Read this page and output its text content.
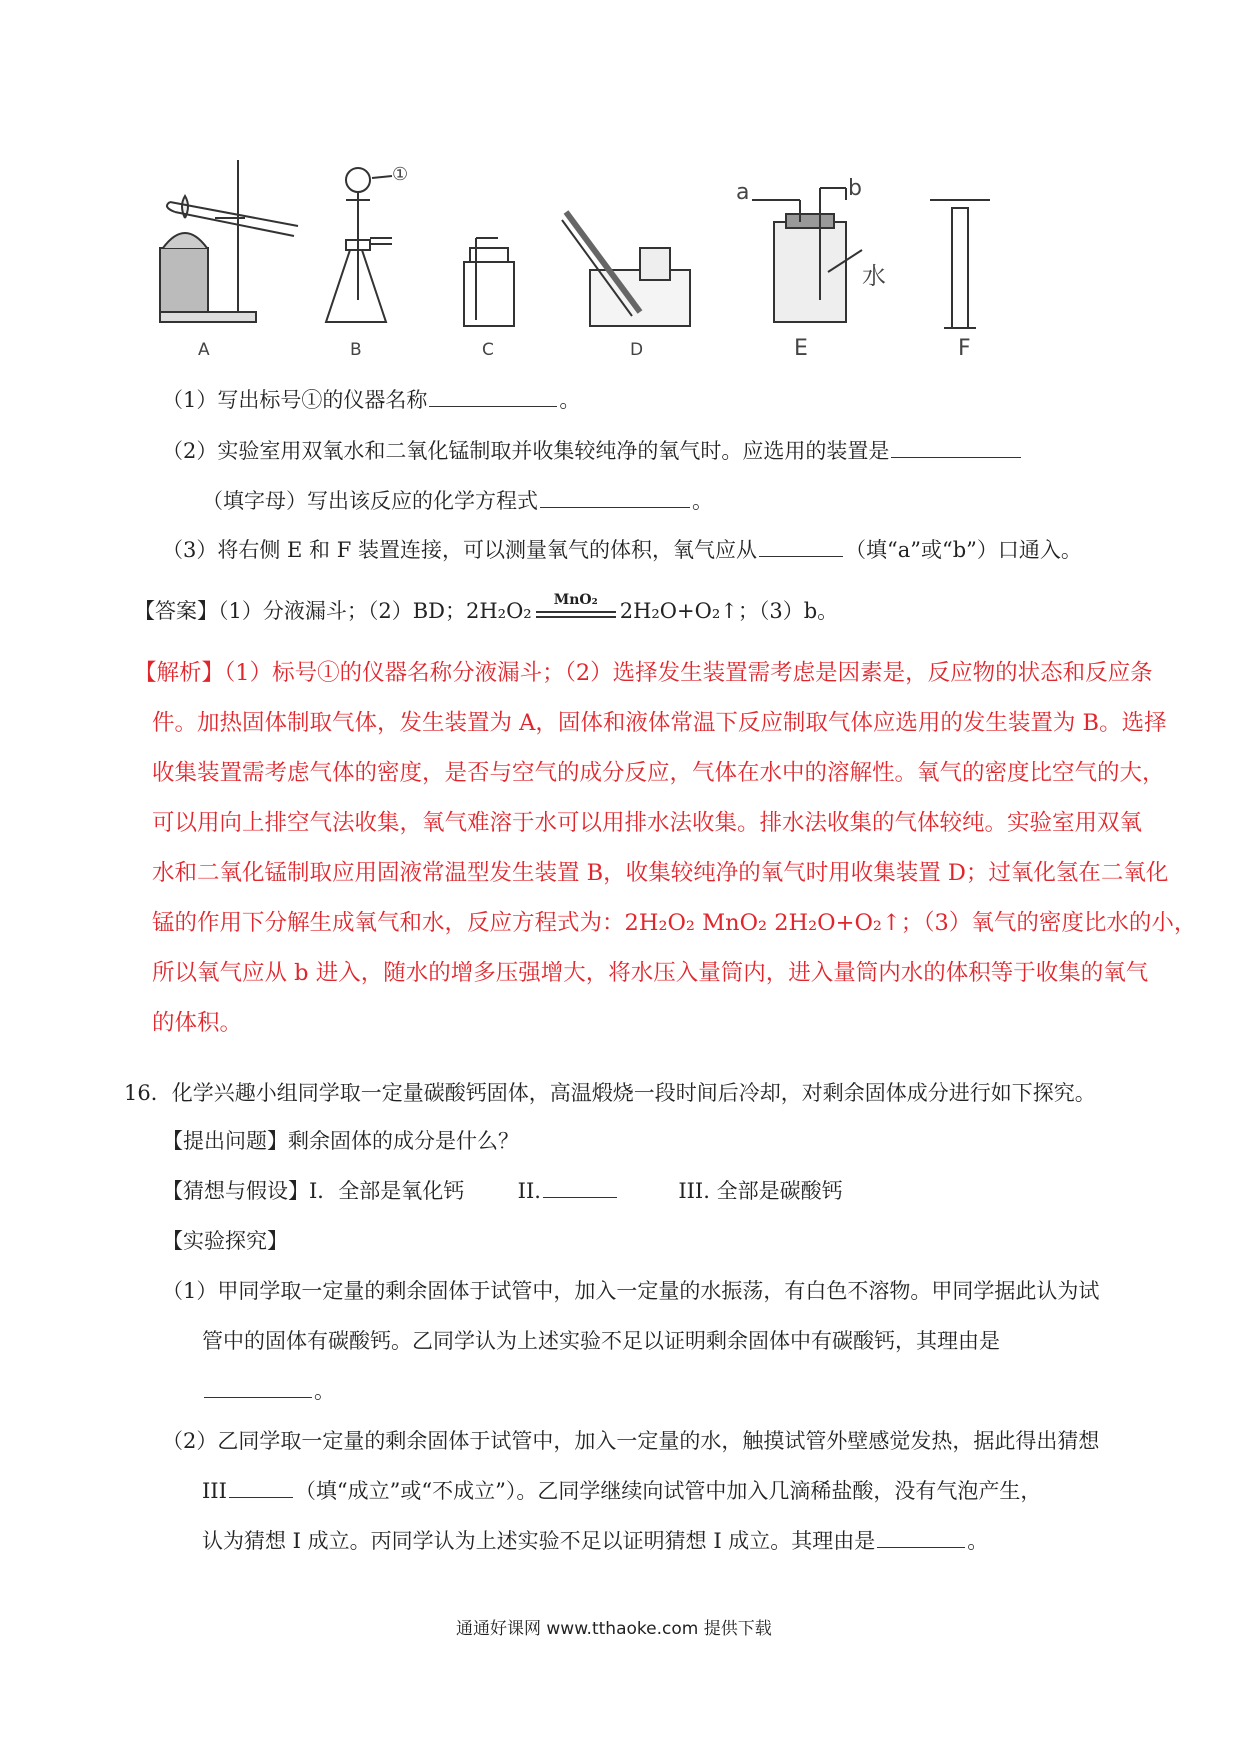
A	B	C	D	E	F
①
a	b
水
（1）写出标号①的仪器名称	。
（2）实验室用双氧水和二氧化锰制取并收集较纯净的氧气时。应选用的装置是
（填字母）写出该反应的化学方程式	。
（3）将右侧 E 和 F 装置连接，可以测量氧气的体积，氧气应从	（填“a”或“b”）口通入。
【答案】（1）分液漏斗；（2）BD；2H₂O₂	MnO₂	2H₂O+O₂↑；（3）b。
【解析】（1）标号①的仪器名称分液漏斗；（2）选择发生装置需考虑是因素是，反应物的状态和反应条
件。加热固体制取气体，发生装置为 A，固体和液体常温下反应制取气体应选用的发生装置为 B。选择
收集装置需考虑气体的密度，是否与空气的成分反应，气体在水中的溶解性。氧气的密度比空气的大，
可以用向上排空气法收集，氧气难溶于水可以用排水法收集。排水法收集的气体较纯。实验室用双氧
水和二氧化锰制取应用固液常温型发生装置 B，收集较纯净的氧气时用收集装置 D；过氧化氢在二氧化
锰的作用下分解生成氧气和水，反应方程式为：2H₂O₂ MnO₂ 2H₂O+O₂↑；（3）氧气的密度比水的小，
所以氧气应从 b 进入，随水的增多压强增大，将水压入量筒内，进入量筒内水的体积等于收集的氧气
的体积。
16．化学兴趣小组同学取一定量碳酸钙固体，高温煅烧一段时间后冷却，对剩余固体成分进行如下探究。
【提出问题】剩余固体的成分是什么？
【猜想与假设】I．全部是氧化钙	II.	III. 全部是碳酸钙
【实验探究】
（1）甲同学取一定量的剩余固体于试管中，加入一定量的水振荡，有白色不溶物。甲同学据此认为试
管中的固体有碳酸钙。乙同学认为上述实验不足以证明剩余固体中有碳酸钙，其理由是
。
（2）乙同学取一定量的剩余固体于试管中，加入一定量的水，触摸试管外壁感觉发热，据此得出猜想
III	（填“成立”或“不成立”）。乙同学继续向试管中加入几滴稀盐酸，没有气泡产生，
认为猜想 I 成立。丙同学认为上述实验不足以证明猜想 I 成立。其理由是	。
通通好课网 www.tthaoke.com 提供下载
